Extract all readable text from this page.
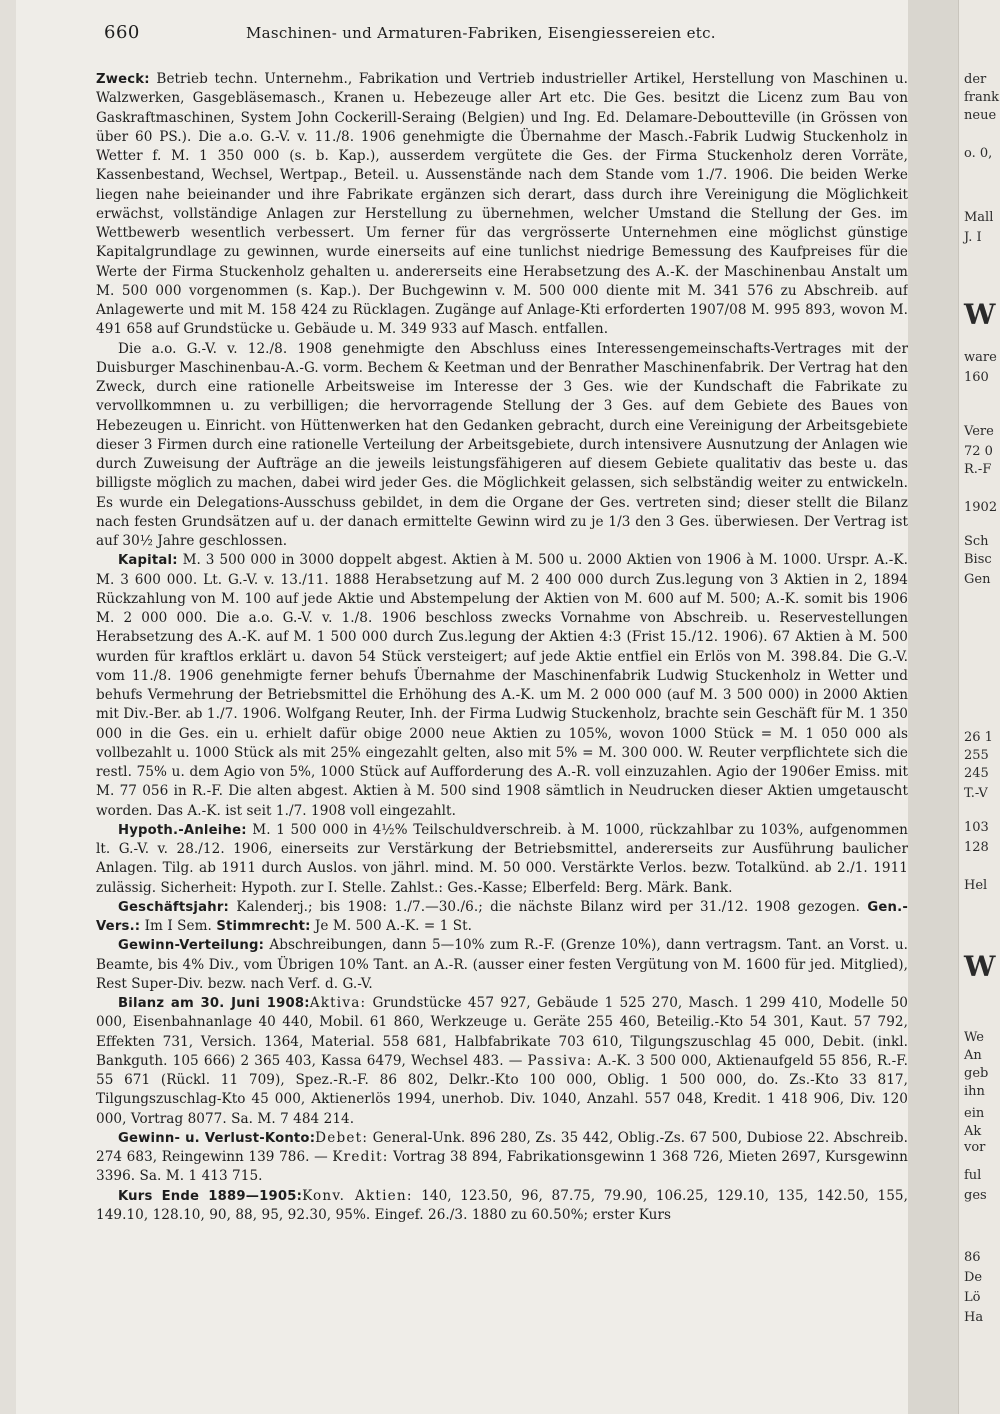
660	Maschinen- und Armaturen-Fabriken, Eisengiessereien etc.

Zweck: Betrieb techn. Unternehm., Fabrikation und Vertrieb industrieller Artikel, Herstellung von Maschinen u. Walzwerken, Gasgebläsemasch., Kranen u. Hebezeuge aller Art etc. Die Ges. besitzt die Licenz zum Bau von Gaskraftmaschinen, System John Cockerill-Seraing (Belgien) und Ing. Ed. Delamare-Deboutteville (in Grössen von über 60 PS.). Die a.o. G.-V. v. 11./8. 1906 genehmigte die Übernahme der Masch.-Fabrik Ludwig Stuckenholz in Wetter f. M. 1 350 000 (s. b. Kap.), ausserdem vergütete die Ges. der Firma Stuckenholz deren Vorräte, Kassenbestand, Wechsel, Wertpap., Beteil. u. Aussenstände nach dem Stande vom 1./7. 1906. Die beiden Werke liegen nahe beieinander und ihre Fabrikate ergänzen sich derart, dass durch ihre Vereinigung die Möglichkeit erwächst, vollständige Anlagen zur Herstellung zu übernehmen, welcher Umstand die Stellung der Ges. im Wettbewerb wesentlich verbessert. Um ferner für das vergrösserte Unternehmen eine möglichst günstige Kapitalgrundlage zu gewinnen, wurde einerseits auf eine tunlichst niedrige Bemessung des Kaufpreises für die Werte der Firma Stuckenholz gehalten u. andererseits eine Herabsetzung des A.-K. der Maschinenbau Anstalt um M. 500 000 vorgenommen (s. Kap.). Der Buchgewinn v. M. 500 000 diente mit M. 341 576 zu Abschreib. auf Anlagewerte und mit M. 158 424 zu Rücklagen. Zugänge auf Anlage-Kti erforderten 1907/08 M. 995 893, wovon M. 491 658 auf Grundstücke u. Gebäude u. M. 349 933 auf Masch. entfallen.

Die a.o. G.-V. v. 12./8. 1908 genehmigte den Abschluss eines Interessengemeinschafts-Vertrages mit der Duisburger Maschinenbau-A.-G. vorm. Bechem & Keetman und der Benrather Maschinenfabrik. Der Vertrag hat den Zweck, durch eine rationelle Arbeitsweise im Interesse der 3 Ges. wie der Kundschaft die Fabrikate zu vervollkommnen u. zu verbilligen; die hervorragende Stellung der 3 Ges. auf dem Gebiete des Baues von Hebezeugen u. Einricht. von Hüttenwerken hat den Gedanken gebracht, durch eine Vereinigung der Arbeitsgebiete dieser 3 Firmen durch eine rationelle Verteilung der Arbeitsgebiete, durch intensivere Ausnutzung der Anlagen wie durch Zuweisung der Aufträge an die jeweils leistungsfähigeren auf diesem Gebiete qualitativ das beste u. das billigste möglich zu machen, dabei wird jeder Ges. die Möglichkeit gelassen, sich selbständig weiter zu entwickeln. Es wurde ein Delegations-Ausschuss gebildet, in dem die Organe der Ges. vertreten sind; dieser stellt die Bilanz nach festen Grundsätzen auf u. der danach ermittelte Gewinn wird zu je 1/3 den 3 Ges. überwiesen. Der Vertrag ist auf 30½ Jahre geschlossen.

Kapital: M. 3 500 000 in 3000 doppelt abgest. Aktien à M. 500 u. 2000 Aktien von 1906 à M. 1000. Urspr. A.-K. M. 3 600 000. Lt. G.-V. v. 13./11. 1888 Herabsetzung auf M. 2 400 000 durch Zus.legung von 3 Aktien in 2, 1894 Rückzahlung von M. 100 auf jede Aktie und Abstempelung der Aktien von M. 600 auf M. 500; A.-K. somit bis 1906 M. 2 000 000. Die a.o. G.-V. v. 1./8. 1906 beschloss zwecks Vornahme von Abschreib. u. Reservestellungen Herabsetzung des A.-K. auf M. 1 500 000 durch Zus.legung der Aktien 4:3 (Frist 15./12. 1906). 67 Aktien à M. 500 wurden für kraftlos erklärt u. davon 54 Stück versteigert; auf jede Aktie entfiel ein Erlös von M. 398.84. Die G.-V. vom 11./8. 1906 genehmigte ferner behufs Übernahme der Maschinenfabrik Ludwig Stuckenholz in Wetter und behufs Vermehrung der Betriebsmittel die Erhöhung des A.-K. um M. 2 000 000 (auf M. 3 500 000) in 2000 Aktien mit Div.-Ber. ab 1./7. 1906. Wolfgang Reuter, Inh. der Firma Ludwig Stuckenholz, brachte sein Geschäft für M. 1 350 000 in die Ges. ein u. erhielt dafür obige 2000 neue Aktien zu 105%, wovon 1000 Stück = M. 1 050 000 als vollbezahlt u. 1000 Stück als mit 25% eingezahlt gelten, also mit 5% = M. 300 000. W. Reuter verpflichtete sich die restl. 75% u. dem Agio von 5%, 1000 Stück auf Aufforderung des A.-R. voll einzuzahlen. Agio der 1906er Emiss. mit M. 77 056 in R.-F. Die alten abgest. Aktien à M. 500 sind 1908 sämtlich in Neudrucken dieser Aktien umgetauscht worden. Das A.-K. ist seit 1./7. 1908 voll eingezahlt.

Hypoth.-Anleihe: M. 1 500 000 in 4½% Teilschuldverschreib. à M. 1000, rückzahlbar zu 103%, aufgenommen lt. G.-V. v. 28./12. 1906, einerseits zur Verstärkung der Betriebsmittel, andererseits zur Ausführung baulicher Anlagen. Tilg. ab 1911 durch Auslos. von jährl. mind. M. 50 000. Verstärkte Verlos. bezw. Totalkünd. ab 2./1. 1911 zulässig. Sicherheit: Hypoth. zur I. Stelle. Zahlst.: Ges.-Kasse; Elberfeld: Berg. Märk. Bank.

Geschäftsjahr: Kalenderj.; bis 1908: 1./7.—30./6.; die nächste Bilanz wird per 31./12. 1908 gezogen. Gen.-Vers.: Im I Sem. Stimmrecht: Je M. 500 A.-K. = 1 St.

Gewinn-Verteilung: Abschreibungen, dann 5—10% zum R.-F. (Grenze 10%), dann vertragsm. Tant. an Vorst. u. Beamte, bis 4% Div., vom Übrigen 10% Tant. an A.-R. (ausser einer festen Vergütung von M. 1600 für jed. Mitglied), Rest Super-Div. bezw. nach Verf. d. G.-V.

Bilanz am 30. Juni 1908:Aktiva: Grundstücke 457 927, Gebäude 1 525 270, Masch. 1 299 410, Modelle 50 000, Eisenbahnanlage 40 440, Mobil. 61 860, Werkzeuge u. Geräte 255 460, Beteilig.-Kto 54 301, Kaut. 57 792, Effekten 731, Versich. 1364, Material. 558 681, Halbfabrikate 703 610, Tilgungszuschlag 45 000, Debit. (inkl. Bankguth. 105 666) 2 365 403, Kassa 6479, Wechsel 483. — Passiva: A.-K. 3 500 000, Aktienaufgeld 55 856, R.-F. 55 671 (Rückl. 11 709), Spez.-R.-F. 86 802, Delkr.-Kto 100 000, Oblig. 1 500 000, do. Zs.-Kto 33 817, Tilgungszuschlag-Kto 45 000, Aktienerlös 1994, unerhob. Div. 1040, Anzahl. 557 048, Kredit. 1 418 906, Div. 120 000, Vortrag 8077. Sa. M. 7 484 214.

Gewinn- u. Verlust-Konto:Debet: General-Unk. 896 280, Zs. 35 442, Oblig.-Zs. 67 500, Dubiose 22. Abschreib. 274 683, Reingewinn 139 786. — Kredit: Vortrag 38 894, Fabrikationsgewinn 1 368 726, Mieten 2697, Kursgewinn 3396. Sa. M. 1 413 715.

Kurs Ende 1889—1905:Konv. Aktien: 140, 123.50, 96, 87.75, 79.90, 106.25, 129.10, 135, 142.50, 155, 149.10, 128.10, 90, 88, 95, 92.30, 95%. Eingef. 26./3. 1880 zu 60.50%; erster Kurs

der
frank
neue
o. 0,
Mall
J. I
W
ware
160
Vere
72 0
R.-F
1902
Sch
Bisc
Gen
26 1
255
245
T.-V
103
128
Hel
W
We
An
geb
ihn
ein
Ak
vor
ful
ges
86
De
Lö
Ha
